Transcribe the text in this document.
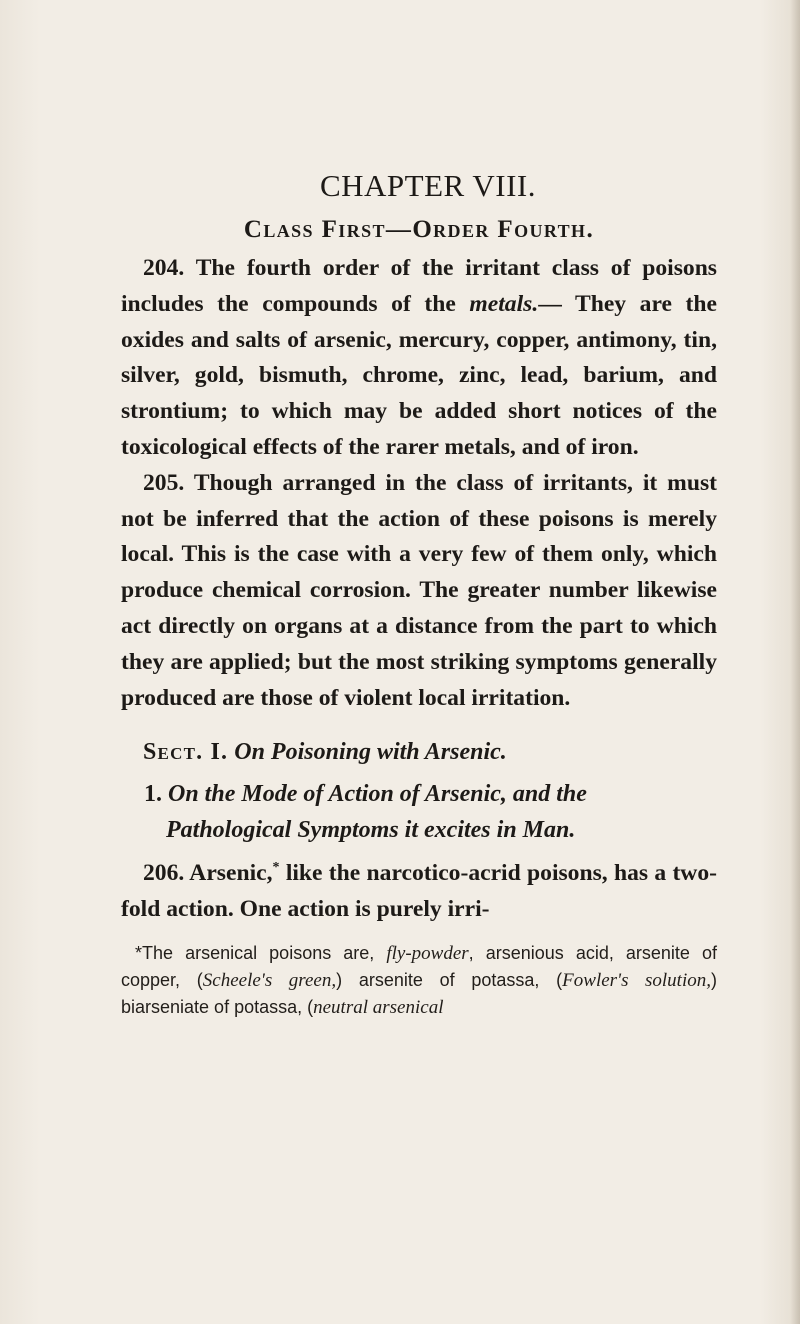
CHAPTER VIII.
Class First—Order Fourth.

204. The fourth order of the irritant class of poisons includes the compounds of the metals.— They are the oxides and salts of arsenic, mercury, copper, antimony, tin, silver, gold, bismuth, chrome, zinc, lead, barium, and strontium; to which may be added short notices of the toxicological effects of the rarer metals, and of iron.

205. Though arranged in the class of irritants, it must not be inferred that the action of these poisons is merely local. This is the case with a very few of them only, which produce chemical corrosion. The greater number likewise act directly on organs at a distance from the part to which they are applied; but the most striking symptoms generally produced are those of violent local irritation.

Sect. I. On Poisoning with Arsenic.
1. On the Mode of Action of Arsenic, and the Pathological Symptoms it excites in Man.

206. Arsenic,* like the narcotico-acrid poisons, has a two-fold action. One action is purely irri-

*The arsenical poisons are, fly-powder, arsenious acid, arsenite of copper, (Scheele's green,) arsenite of potassa, (Fowler's solution,) biarseniate of potassa, (neutral arsenical
